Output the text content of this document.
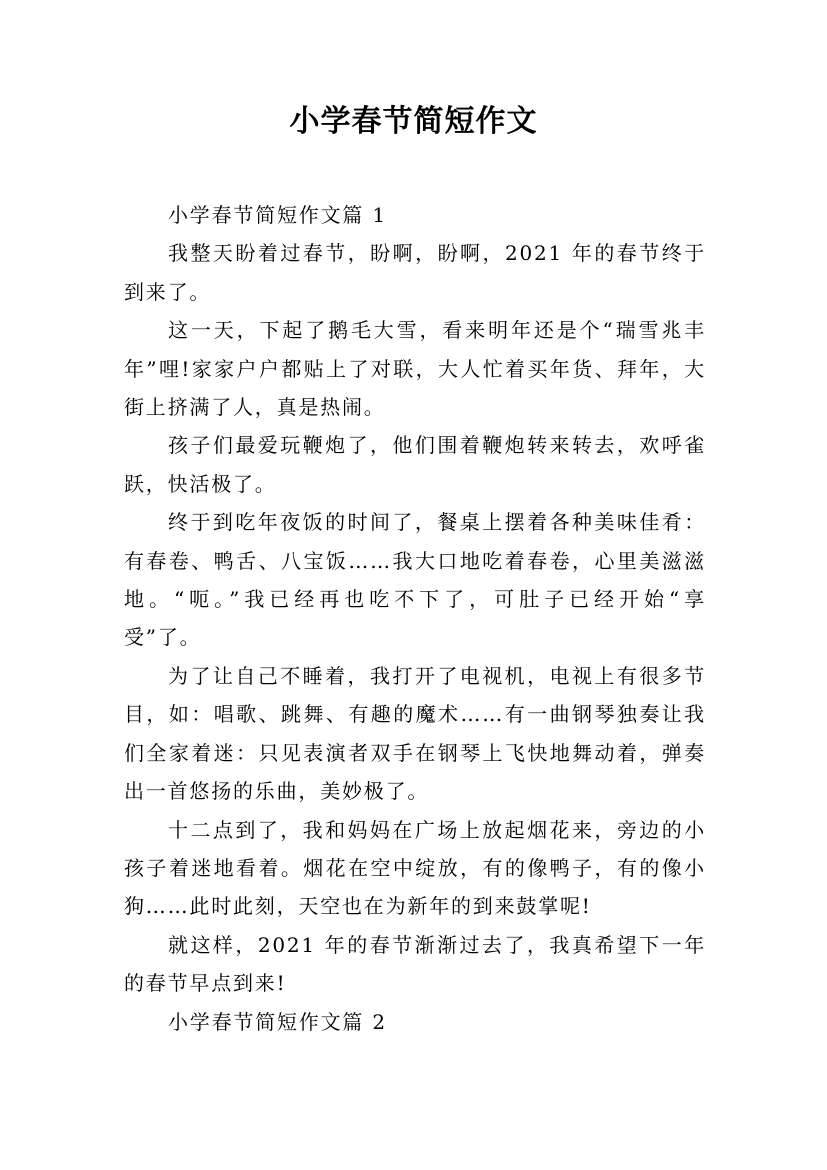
小学春节简短作文

小学春节简短作文篇 1

我整天盼着过春节，盼啊，盼啊，2021 年的春节终于到来了。

这一天，下起了鹅毛大雪，看来明年还是个“瑞雪兆丰年”哩!家家户户都贴上了对联，大人忙着买年货、拜年，大街上挤满了人，真是热闹。

孩子们最爱玩鞭炮了，他们围着鞭炮转来转去，欢呼雀跃，快活极了。

终于到吃年夜饭的时间了，餐桌上摆着各种美味佳肴：有春卷、鸭舌、八宝饭……我大口地吃着春卷，心里美滋滋地。“呃。”我已经再也吃不下了，可肚子已经开始“享受”了。

为了让自己不睡着，我打开了电视机，电视上有很多节目，如：唱歌、跳舞、有趣的魔术……有一曲钢琴独奏让我们全家着迷：只见表演者双手在钢琴上飞快地舞动着，弹奏出一首悠扬的乐曲，美妙极了。

十二点到了，我和妈妈在广场上放起烟花来，旁边的小孩子着迷地看着。烟花在空中绽放，有的像鸭子，有的像小狗……此时此刻，天空也在为新年的到来鼓掌呢!

就这样，2021 年的春节渐渐过去了，我真希望下一年的春节早点到来!

小学春节简短作文篇 2
